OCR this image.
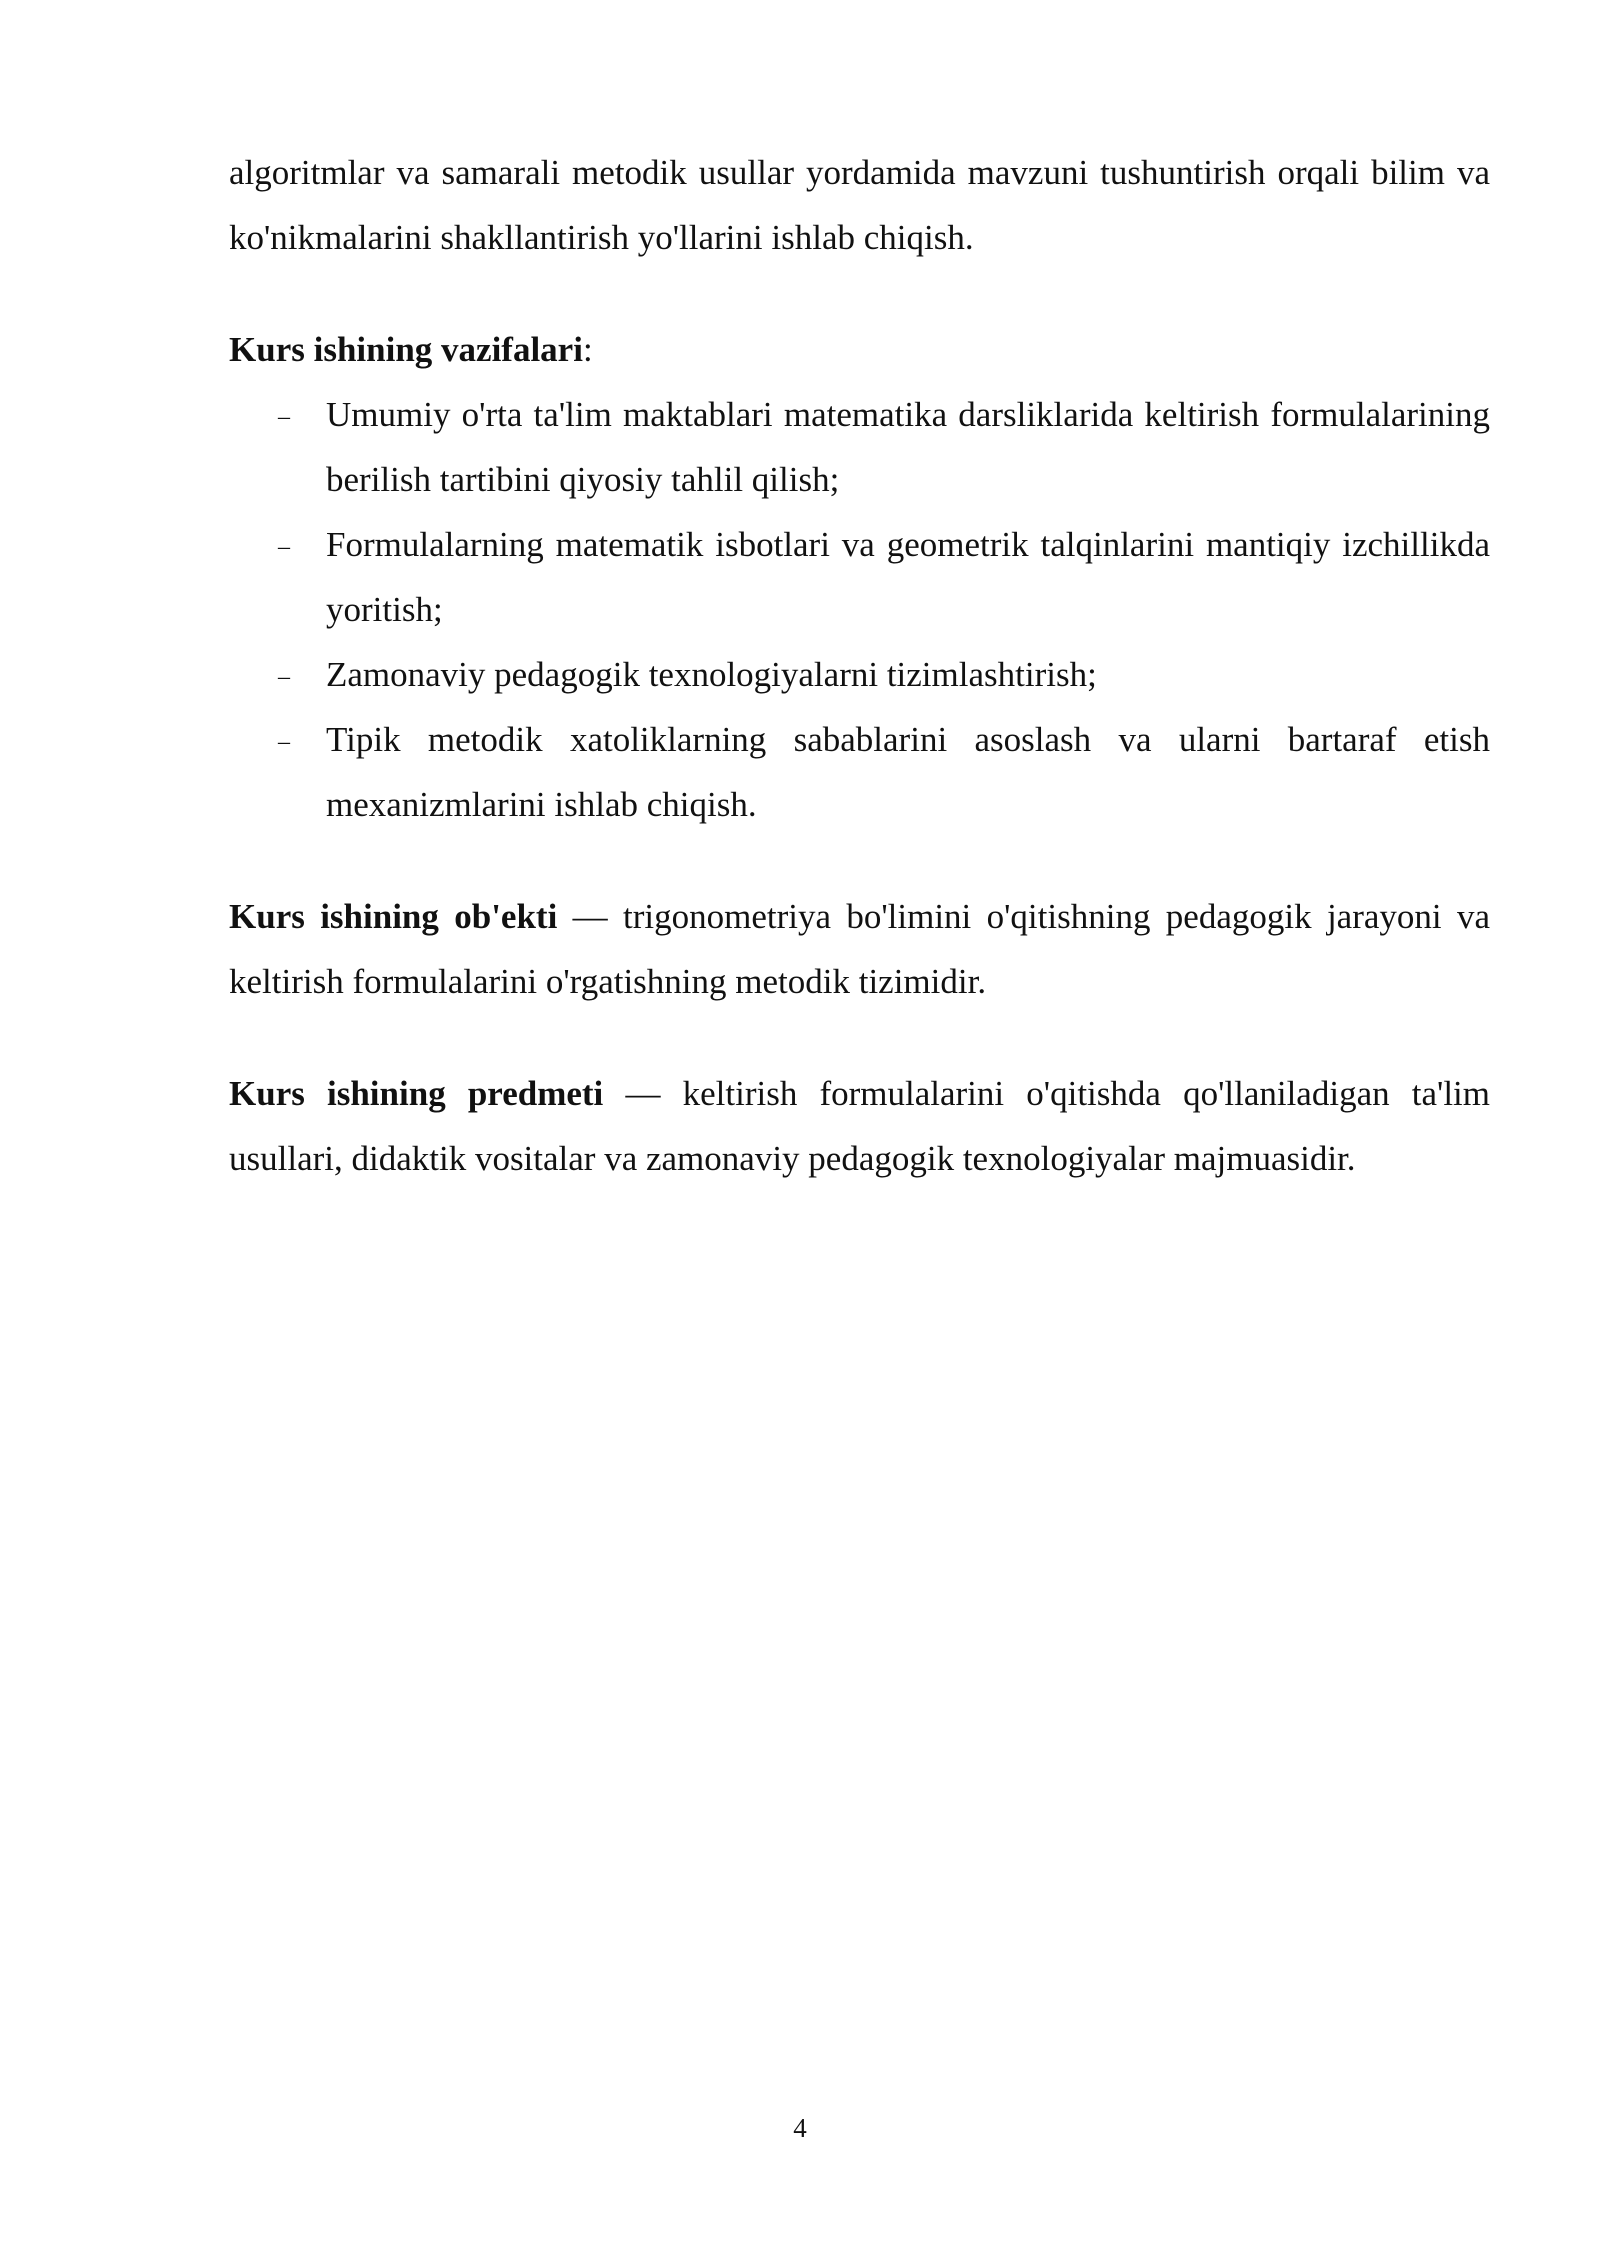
algoritmlar va samarali metodik usullar yordamida mavzuni tushuntirish orqali bilim va ko'nikmalarini shakllantirish yo'llarini ishlab chiqish.

Kurs ishining vazifalari:

– Umumiy o'rta ta'lim maktablari matematika darsliklarida keltirish formulalarining berilish tartibini qiyosiy tahlil qilish;
– Formulalarning matematik isbotlari va geometrik talqinlarini mantiqiy izchillikda yoritish;
– Zamonaviy pedagogik texnologiyalarni tizimlashtirish;
– Tipik metodik xatoliklarning sabablarini asoslash va ularni bartaraf etish mexanizmlarini ishlab chiqish.

Kurs ishining ob'ekti — trigonometriya bo'limini o'qitishning pedagogik jarayoni va keltirish formulalarini o'rgatishning metodik tizimidir.

Kurs ishining predmeti — keltirish formulalarini o'qitishda qo'llaniladigan ta'lim usullari, didaktik vositalar va zamonaviy pedagogik texnologiyalar majmuasidir.

4
